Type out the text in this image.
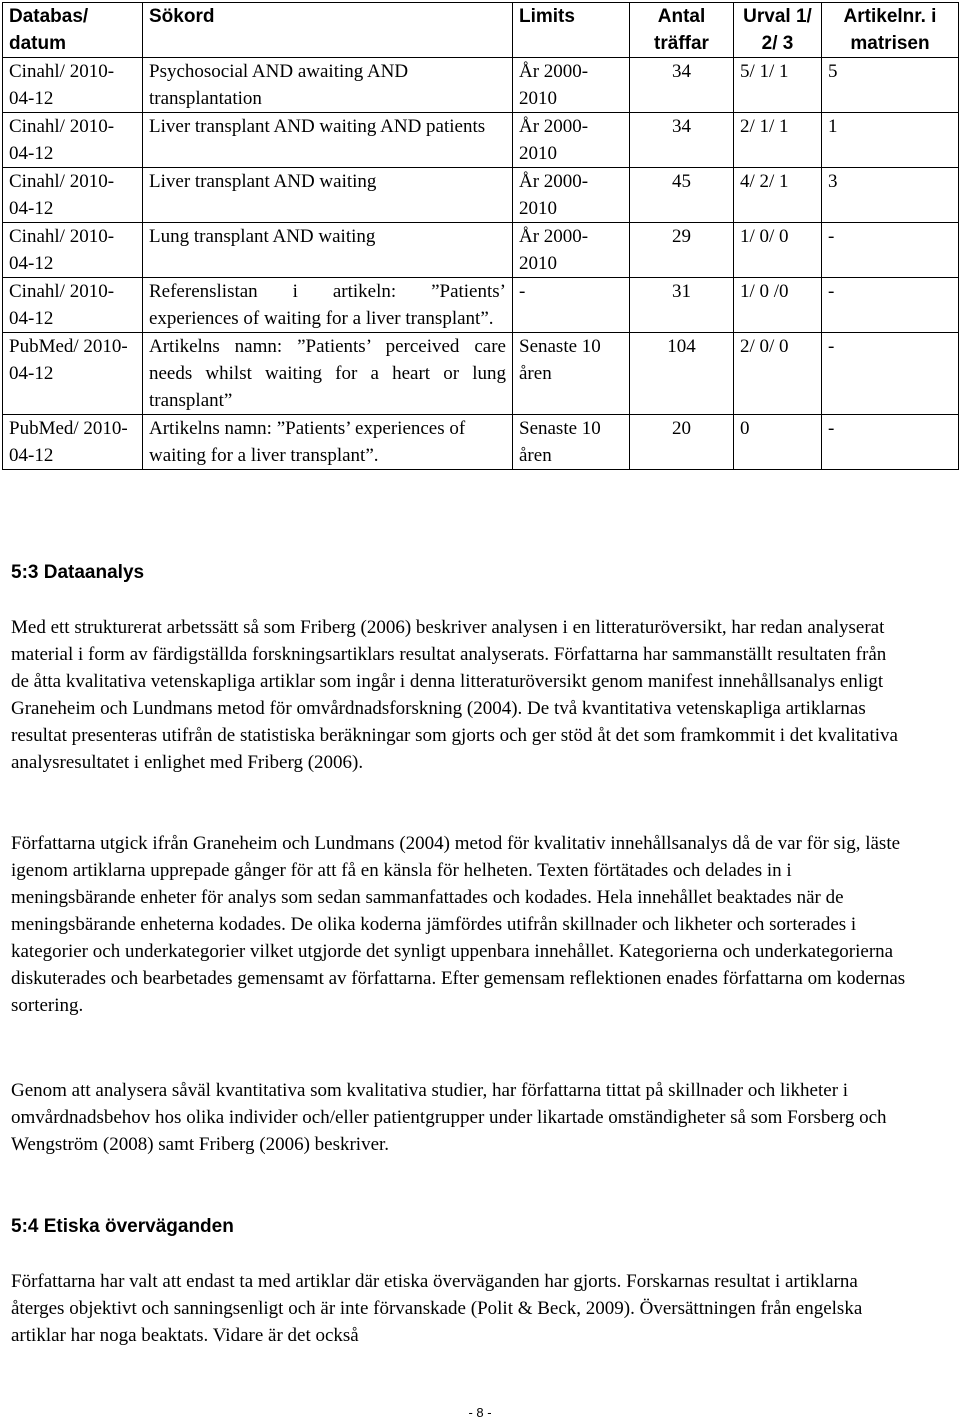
Databas/ datum	Sökord	Limits	Antal träffar	Urval 1/ 2/ 3	Artikelnr. i matrisen
Cinahl/ 2010-04-12	Psychosocial AND awaiting AND transplantation	År 2000-2010	34	5/ 1/ 1	5
Cinahl/ 2010-04-12	Liver transplant AND waiting AND patients	År 2000-2010	34	2/ 1/ 1	1
Cinahl/ 2010-04-12	Liver transplant AND waiting	År 2000-2010	45	4/ 2/ 1	3
Cinahl/ 2010-04-12	Lung transplant AND waiting	År 2000-2010	29	1/ 0/ 0	-
Cinahl/ 2010-04-12	Referenslistan i artikeln: ”Patients’ experiences of waiting for a liver transplant”.	-	31	1/ 0 /0	-
PubMed/ 2010-04-12	Artikelns namn: ”Patients’ perceived care needs whilst waiting for a heart or lung transplant”	Senaste 10 åren	104	2/ 0/ 0	-
PubMed/ 2010-04-12	Artikelns namn: ”Patients’ experiences of waiting for a liver transplant”.	Senaste 10 åren	20	0	-
5:3 Dataanalys

Med ett strukturerat arbetssätt så som Friberg (2006) beskriver analysen i en litteraturöversikt, har redan analyserat material i form av färdigställda forskningsartiklars resultat analyserats. Författarna har sammanställt resultaten från de åtta kvalitativa vetenskapliga artiklar som ingår i denna litteraturöversikt genom manifest innehållsanalys enligt Graneheim och Lundmans metod för omvårdnadsforskning (2004). De två kvantitativa vetenskapliga artiklarnas resultat presenteras utifrån de statistiska beräkningar som gjorts och ger stöd åt det som framkommit i det kvalitativa analysresultatet i enlighet med Friberg (2006).

Författarna utgick ifrån Graneheim och Lundmans (2004) metod för kvalitativ innehållsanalys då de var för sig, läste igenom artiklarna upprepade gånger för att få en känsla för helheten. Texten förtätades och delades in i meningsbärande enheter för analys som sedan sammanfattades och kodades. Hela innehållet beaktades när de meningsbärande enheterna kodades. De olika koderna jämfördes utifrån skillnader och likheter och sorterades i kategorier och underkategorier vilket utgjorde det synligt uppenbara innehållet. Kategorierna och underkategorierna diskuterades och bearbetades gemensamt av författarna. Efter gemensam reflektionen enades författarna om kodernas sortering.

Genom att analysera såväl kvantitativa som kvalitativa studier, har författarna tittat på skillnader och likheter i omvårdnadsbehov hos olika individer och/eller patientgrupper under likartade omständigheter så som Forsberg och Wengström (2008) samt Friberg (2006) beskriver.

5:4 Etiska överväganden

Författarna har valt att endast ta med artiklar där etiska överväganden har gjorts. Forskarnas resultat i artiklarna återges objektivt och sanningsenligt och är inte förvanskade (Polit & Beck, 2009). Översättningen från engelska artiklar har noga beaktats. Vidare är det också

- 8 -
